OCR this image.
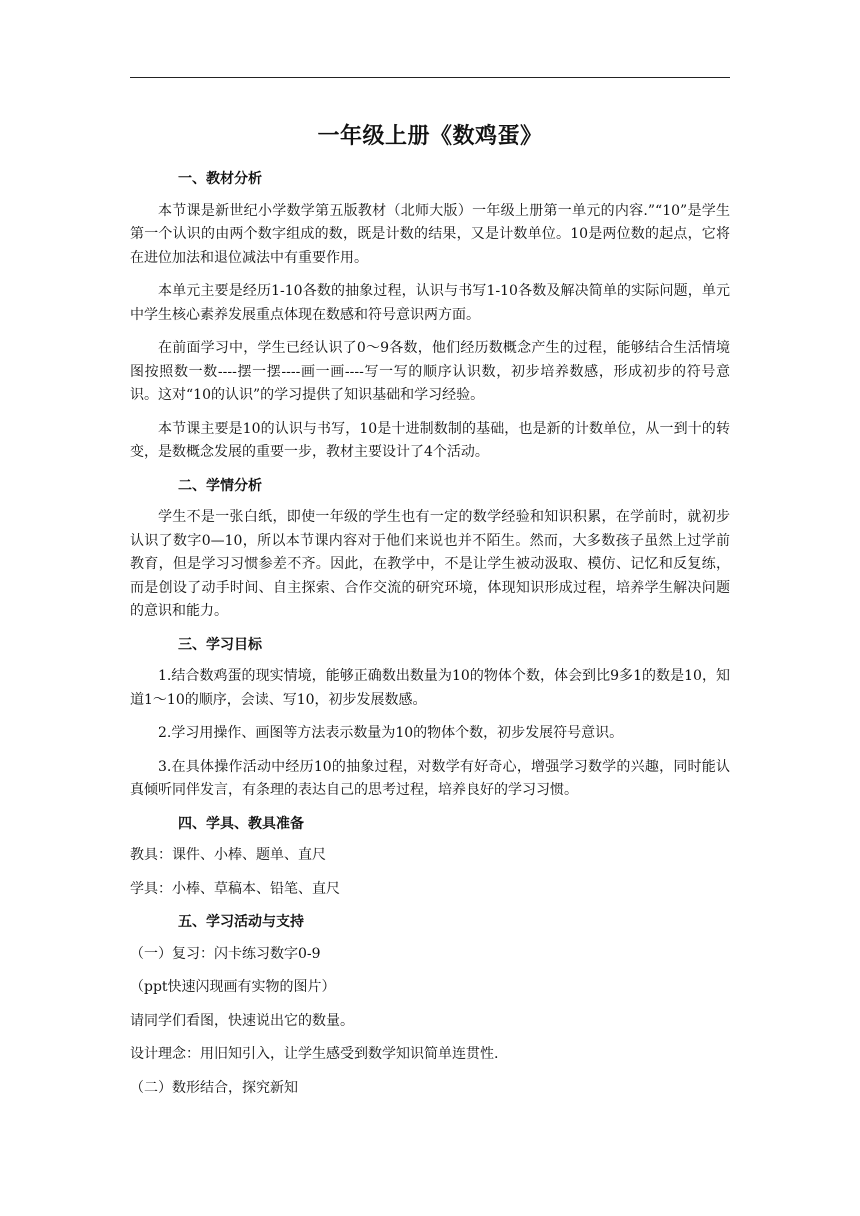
一年级上册《数鸡蛋》
一、教材分析

本节课是新世纪小学数学第五版教材（北师大版）一年级上册第一单元的内容.”“10”是学生第一个认识的由两个数字组成的数，既是计数的结果，又是计数单位。10是两位数的起点，它将在进位加法和退位减法中有重要作用。

本单元主要是经历1-10各数的抽象过程，认识与书写1-10各数及解决简单的实际问题，单元中学生核心素养发展重点体现在数感和符号意识两方面。

在前面学习中，学生已经认识了0～9各数，他们经历数概念产生的过程，能够结合生活情境图按照数一数----摆一摆----画一画----写一写的顺序认识数，初步培养数感，形成初步的符号意识。这对“10的认识”的学习提供了知识基础和学习经验。

本节课主要是10的认识与书写，10是十进制数制的基础，也是新的计数单位，从一到十的转变，是数概念发展的重要一步，教材主要设计了4个活动。

二、学情分析

学生不是一张白纸，即使一年级的学生也有一定的数学经验和知识积累，在学前时，就初步认识了数字0—10，所以本节课内容对于他们来说也并不陌生。然而，大多数孩子虽然上过学前教育，但是学习习惯参差不齐。因此，在教学中，不是让学生被动汲取、模仿、记忆和反复练，而是创设了动手时间、自主探索、合作交流的研究环境，体现知识形成过程，培养学生解决问题的意识和能力。

三、学习目标

1.结合数鸡蛋的现实情境，能够正确数出数量为10的物体个数，体会到比9多1的数是10，知道1～10的顺序，会读、写10，初步发展数感。

2.学习用操作、画图等方法表示数量为10的物体个数，初步发展符号意识。

3.在具体操作活动中经历10的抽象过程，对数学有好奇心，增强学习数学的兴趣，同时能认真倾听同伴发言，有条理的表达自己的思考过程，培养良好的学习习惯。

四、学具、教具准备

教具：课件、小棒、题单、直尺

学具：小棒、草稿本、铅笔、直尺

五、学习活动与支持

（一）复习：闪卡练习数字0-9

（ppt快速闪现画有实物的图片）

请同学们看图，快速说出它的数量。

设计理念：用旧知引入，让学生感受到数学知识简单连贯性.

（二）数形结合，探究新知
